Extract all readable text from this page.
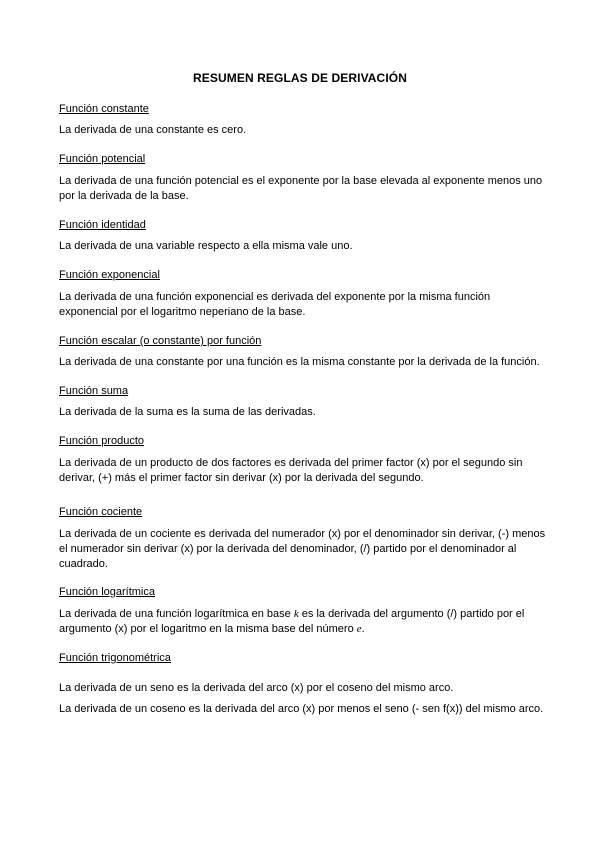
RESUMEN REGLAS DE DERIVACIÓN
Función constante
La derivada de una constante es cero.
Función potencial
La derivada de una función potencial es el exponente por la base elevada al exponente menos uno por la derivada de la base.
Función identidad
La derivada de una variable respecto a ella misma vale uno.
Función exponencial
La derivada de una función exponencial es derivada del exponente por la misma función exponencial por el logaritmo neperiano de la base.
Función escalar (o constante) por función
La derivada de una constante por una función es la misma constante por la derivada de la función.
Función suma
La derivada de la suma es la suma de las derivadas.
Función producto
La derivada de un producto de dos factores es derivada del primer factor (x) por el segundo sin derivar, (+) más el primer factor sin derivar (x) por la derivada del segundo.
Función cociente
La derivada de un cociente es derivada del numerador (x) por el denominador sin derivar, (-) menos el numerador sin derivar (x) por la derivada del denominador, (/) partido por el denominador al cuadrado.
Función logarítmica
La derivada de una función logarítmica en base k es la derivada del argumento (/) partido por el argumento (x) por el logaritmo en la misma base del número e.
Función trigonométrica
La derivada de un seno es la derivada del arco (x) por el coseno del mismo arco.
La derivada de un coseno es la derivada del arco (x) por menos el seno (- sen f(x)) del mismo arco.
